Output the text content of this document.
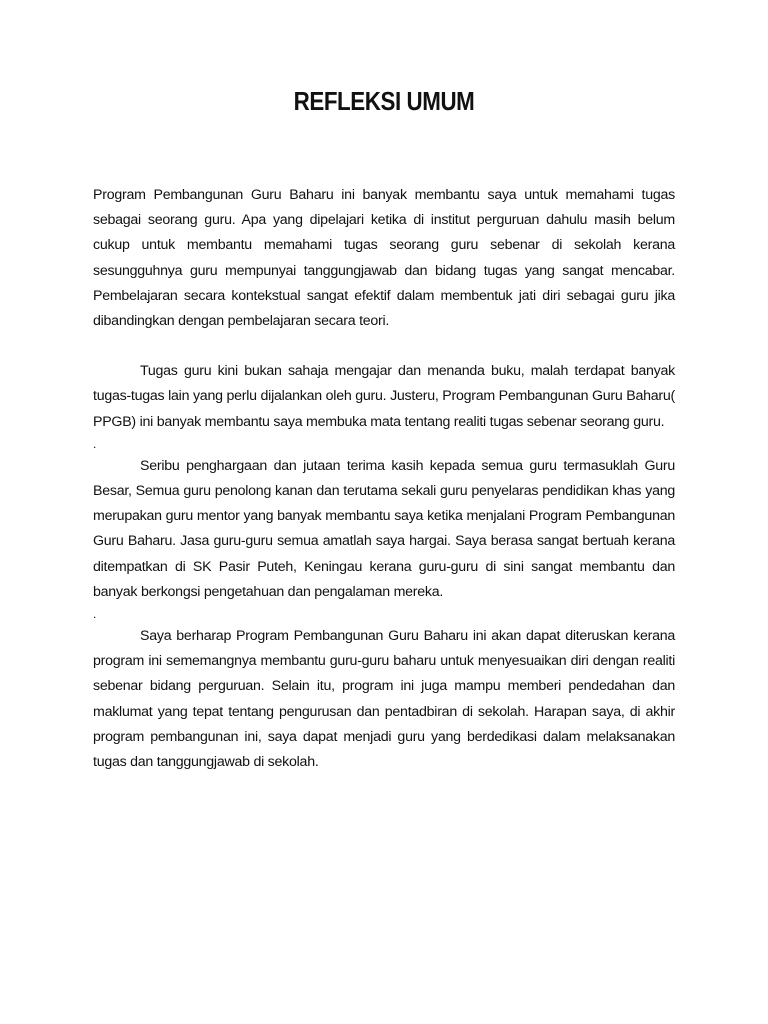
REFLEKSI UMUM

Program Pembangunan Guru Baharu ini banyak membantu saya untuk memahami tugas sebagai seorang guru. Apa yang dipelajari ketika di institut perguruan dahulu masih belum cukup untuk membantu memahami tugas seorang guru sebenar di sekolah kerana sesungguhnya guru mempunyai tanggungjawab dan bidang tugas yang sangat mencabar. Pembelajaran secara kontekstual sangat efektif dalam membentuk jati diri sebagai guru jika dibandingkan dengan pembelajaran secara teori.

Tugas guru kini bukan sahaja mengajar dan menanda buku, malah terdapat banyak tugas-tugas lain yang perlu dijalankan oleh guru. Justeru, Program Pembangunan Guru Baharu( PPGB) ini banyak membantu saya membuka mata tentang realiti tugas sebenar seorang guru.

.

Seribu penghargaan dan jutaan terima kasih kepada semua guru termasuklah Guru Besar, Semua guru penolong kanan dan terutama sekali guru penyelaras pendidikan khas yang merupakan guru mentor yang banyak membantu saya ketika menjalani Program Pembangunan Guru Baharu. Jasa guru-guru semua amatlah saya hargai. Saya berasa sangat bertuah kerana ditempatkan di SK Pasir Puteh, Keningau kerana guru-guru di sini sangat membantu dan banyak berkongsi pengetahuan dan pengalaman mereka.

.

Saya berharap Program Pembangunan Guru Baharu ini akan dapat diteruskan kerana program ini sememangnya membantu guru-guru baharu untuk menyesuaikan diri dengan realiti sebenar bidang perguruan. Selain itu, program ini juga mampu memberi pendedahan dan maklumat yang tepat tentang pengurusan dan pentadbiran di sekolah. Harapan saya, di akhir program pembangunan ini, saya dapat menjadi guru yang berdedikasi dalam melaksanakan tugas dan tanggungjawab di sekolah.
